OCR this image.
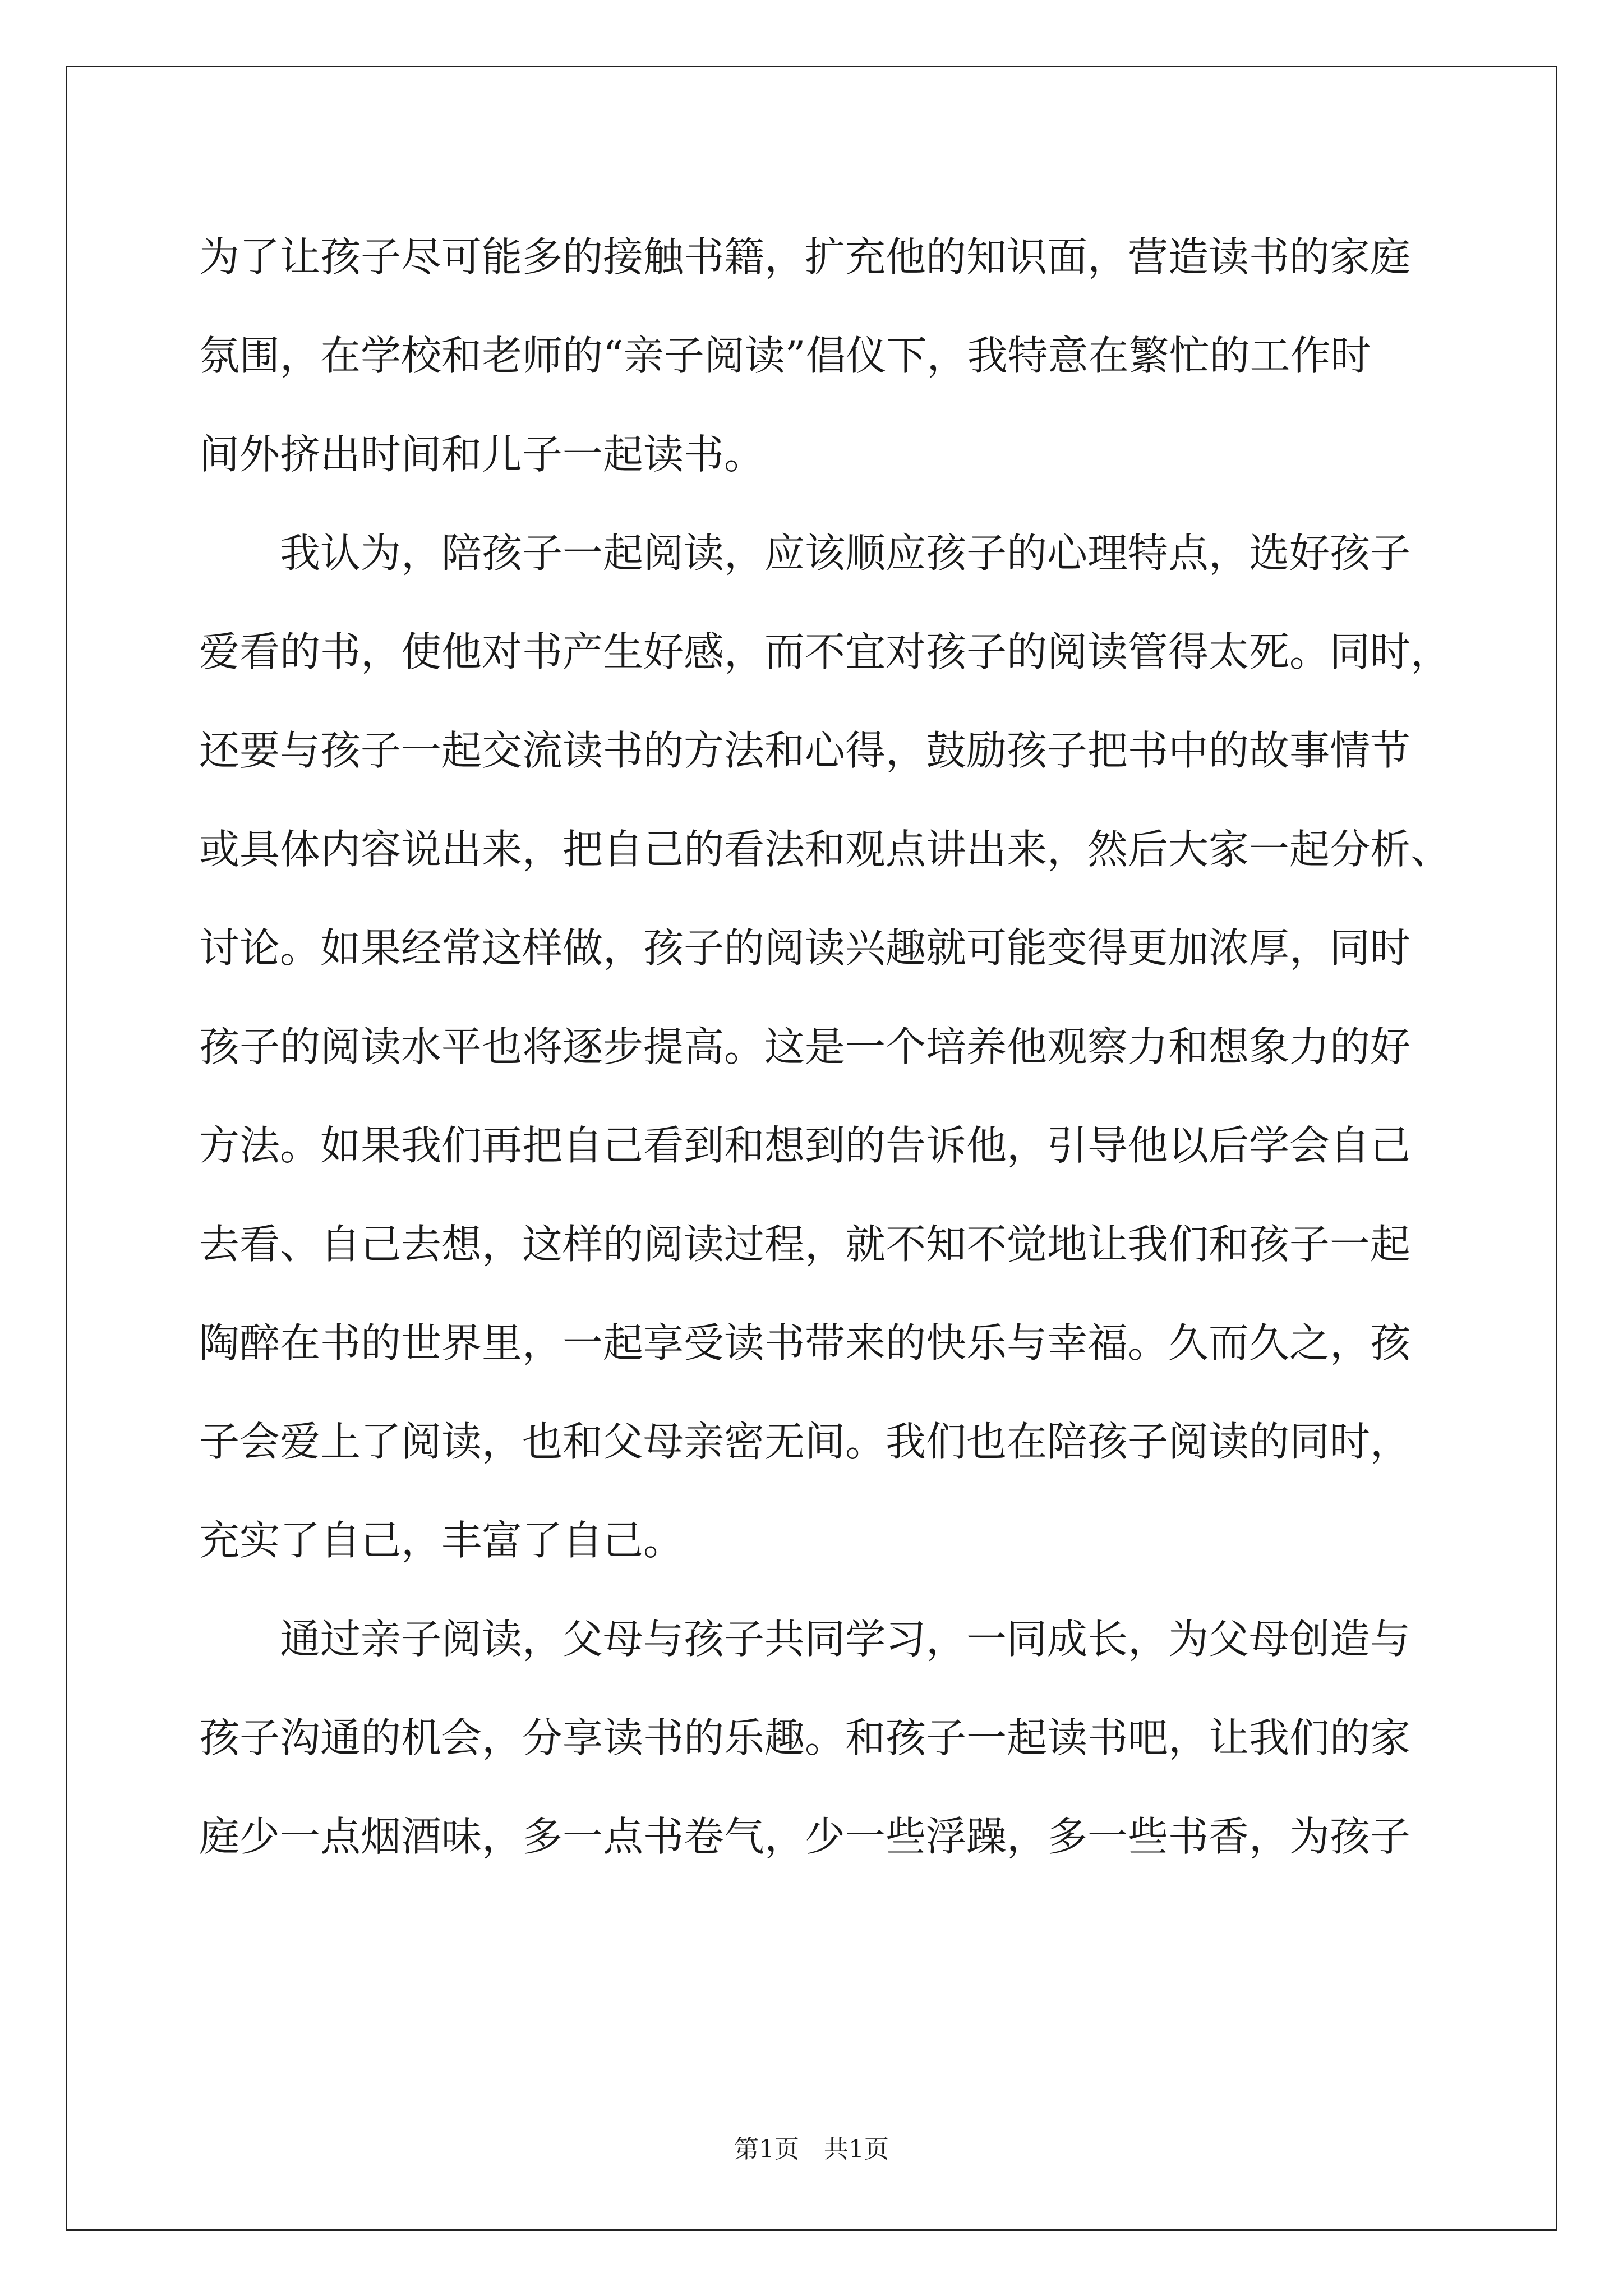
为了让孩子尽可能多的接触书籍，扩充他的知识面，营造读书的家庭
氛围，在学校和老师的“亲子阅读”倡仪下，我特意在繁忙的工作时
间外挤出时间和儿子一起读书。
　　我认为，陪孩子一起阅读，应该顺应孩子的心理特点，选好孩子
爱看的书，使他对书产生好感，而不宜对孩子的阅读管得太死。同时，
还要与孩子一起交流读书的方法和心得，鼓励孩子把书中的故事情节
或具体内容说出来，把自己的看法和观点讲出来，然后大家一起分析、
讨论。如果经常这样做，孩子的阅读兴趣就可能变得更加浓厚，同时
孩子的阅读水平也将逐步提高。这是一个培养他观察力和想象力的好
方法。如果我们再把自己看到和想到的告诉他，引导他以后学会自己
去看、自己去想，这样的阅读过程，就不知不觉地让我们和孩子一起
陶醉在书的世界里，一起享受读书带来的快乐与幸福。久而久之，孩
子会爱上了阅读，也和父母亲密无间。我们也在陪孩子阅读的同时，
充实了自己，丰富了自己。
　　通过亲子阅读，父母与孩子共同学习，一同成长，为父母创造与
孩子沟通的机会，分享读书的乐趣。和孩子一起读书吧，让我们的家
庭少一点烟酒味，多一点书卷气，少一些浮躁，多一些书香，为孩子
第1页　共1页
